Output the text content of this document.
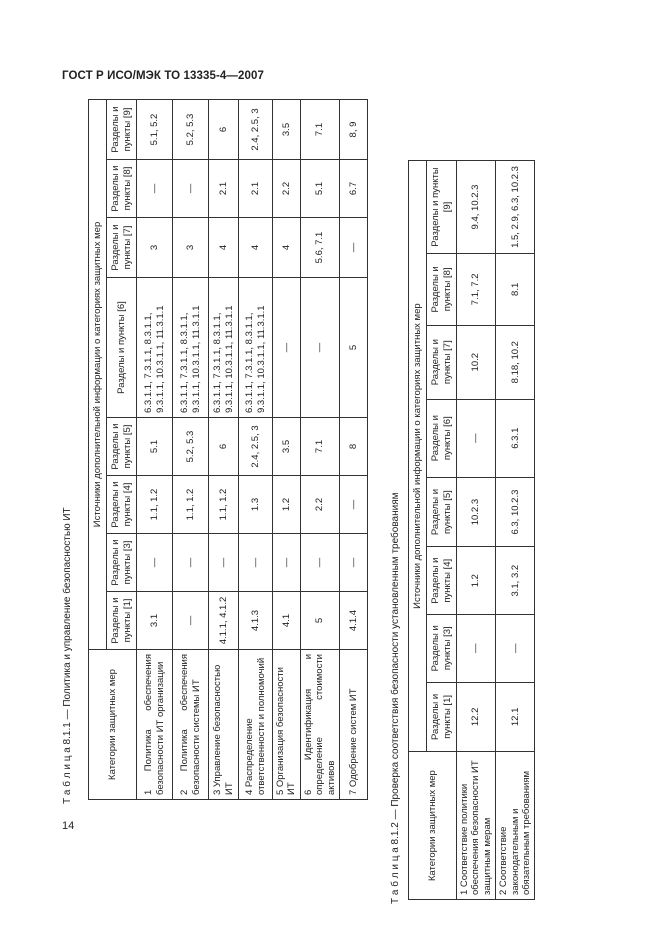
ГОСТ Р ИСО/МЭК ТО 13335-4—2007
Т а б л и ц а 8.1.1 — Политика и управление безопасностью ИТ	Категории защитных мер	Источники дополнительной информации о категориях защитных мер							
	Разделы и пункты [1]	Разделы и пункты [3]	Разделы и пункты [4]	Разделы и пункты [5]	Разделы и пункты [6]	Разделы и пункты [7]	Разделы и пункты [8]	Разделы и пункты [9]
1 Политика обеспечения безопасности ИТ организации	3.1	—	1.1, 1.2	5.1	6.3.1.1, 7.3.1.1, 8.3.1.1, 9.3.1.1, 10.3.1.1, 11.3.1.1	3	—	5.1, 5.2
2 Политика обеспечения безопасности системы ИТ	—	—	1.1, 1.2	5.2, 5.3	6.3.1.1, 7.3.1.1, 8.3.1.1, 9.3.1.1, 10.3.1.1, 11.3.1.1	3	—	5.2, 5.3
3 Управление безопасностью ИТ	4.1.1, 4.1.2	—	1.1, 1.2	6	6.3.1.1, 7.3.1.1, 8.3.1.1, 9.3.1.1, 10.3.1.1, 11.3.1.1	4	2.1	6
4 Распределение ответственности и полномочий	4.1.3	—	1.3	2.4, 2.5, 3	6.3.1.1, 7.3.1.1, 8.3.1.1, 9.3.1.1, 10.3.1.1, 11.3.1.1	4	2.1	2.4, 2.5, 3
5 Организация безопасности ИТ	4.1	—	1.2	3.5	—	4	2.2	3.5
6 Идентификация и определение стоимости активов	5	—	2.2	7.1	—	5.6, 7.1	5.1	7.1
7 Одобрение систем ИТ	4.1.4	—	—	8	5	—	6.7	8, 9
Т а б л и ц а 8.1.2 — Проверка соответствия безопасности установленным требованиям	Категории защитных мер	Источники дополнительной информации о категориях защитных мер							
	Разделы и пункты [1]	Разделы и пункты [3]	Разделы и пункты [4]	Разделы и пункты [5]	Разделы и пункты [6]	Разделы и пункты [7]	Разделы и пункты [8]	Разделы и пункты [9]
1 Соответствие политики обеспечения безопасности ИТ защитным мерам	12.2	—	1.2	10.2.3	—	10.2	7.1, 7.2	9.4, 10.2.3
2 Соответствие законодательным и обязательным требованиям	12.1	—	3.1, 3.2	6.3, 10.2.3	6.3.1	8.18, 10.2	8.1	1.5, 2.9, 6.3, 10.2.3
14
